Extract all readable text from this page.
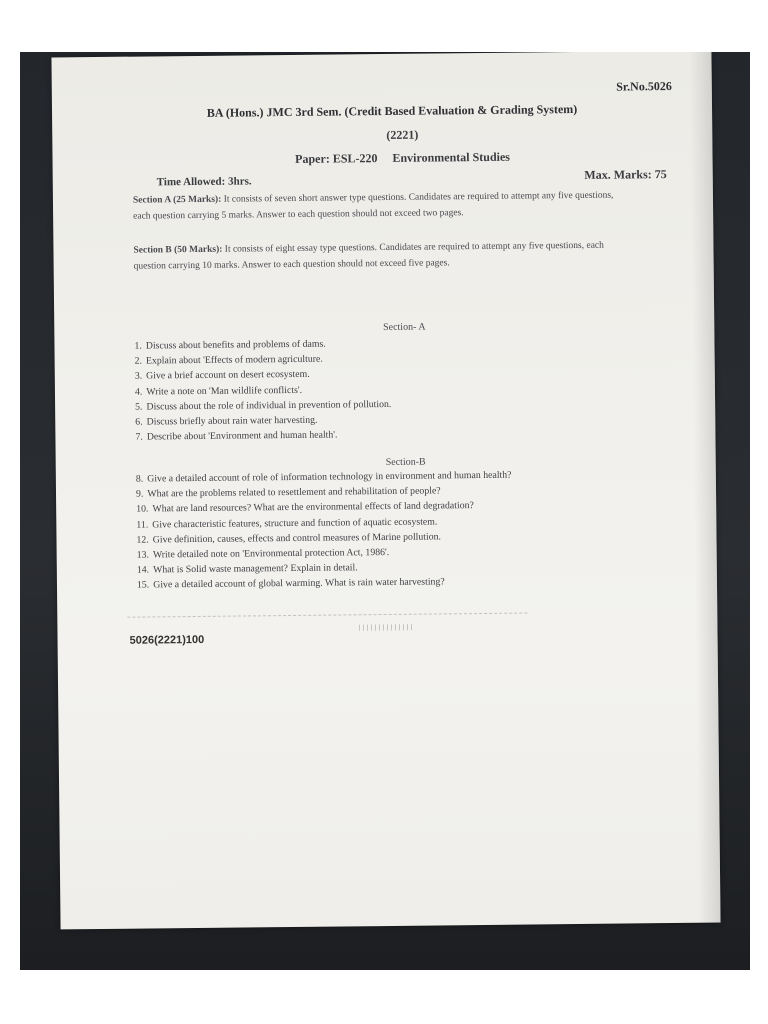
Sr.No.5026
BA (Hons.) JMC 3rd Sem. (Credit Based Evaluation & Grading System)
(2221)
Paper: ESL-220 Environmental Studies
Time Allowed: 3hrs.	Max. Marks: 75
Section A (25 Marks): It consists of seven short answer type questions. Candidates are required to attempt any five questions, each question carrying 5 marks. Answer to each question should not exceed two pages.
Section B (50 Marks): It consists of eight essay type questions. Candidates are required to attempt any five questions, each question carrying 10 marks. Answer to each question should not exceed five pages.
Section- A
1. Discuss about benefits and problems of dams.
2. Explain about 'Effects of modern agriculture.
3. Give a brief account on desert ecosystem.
4. Write a note on 'Man wildlife conflicts'.
5. Discuss about the role of individual in prevention of pollution.
6. Discuss briefly about rain water harvesting.
7. Describe about 'Environment and human health'.
Section-B
8. Give a detailed account of role of information technology in environment and human health?
9. What are the problems related to resettlement and rehabilitation of people?
10. What are land resources? What are the environmental effects of land degradation?
11. Give characteristic features, structure and function of aquatic ecosystem.
12. Give definition, causes, effects and control measures of Marine pollution.
13. Write detailed note on 'Environmental protection Act, 1986'.
14. What is Solid waste management? Explain in detail.
15. Give a detailed account of global warming. What is rain water harvesting?
││││││││││││││
5026(2221)100
